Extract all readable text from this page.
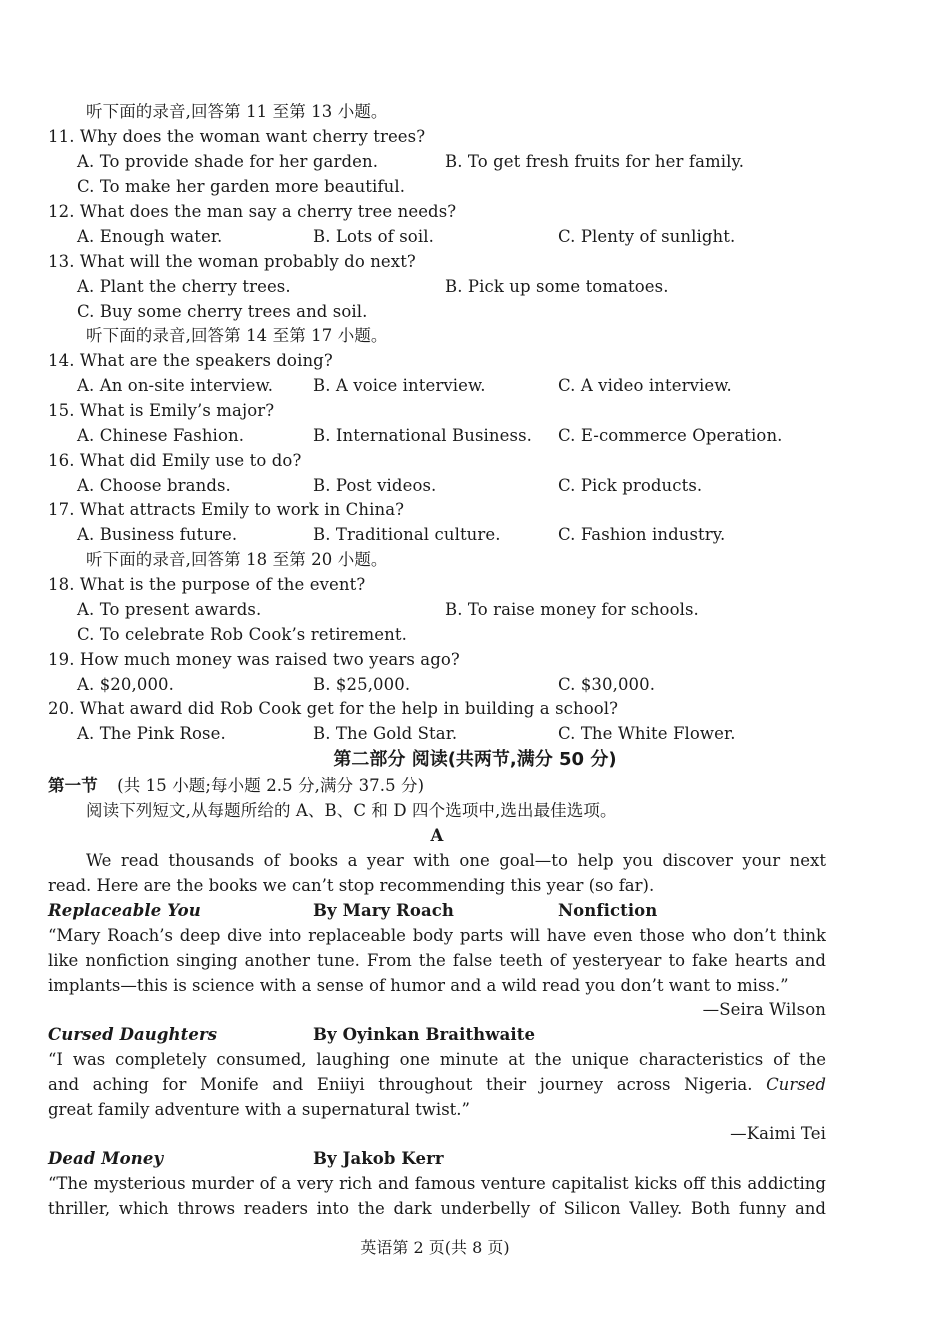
听下面的录音,回答第 11 至第 13 小题。
11. Why does the woman want cherry trees?
A. To provide shade for her garden.	B. To get fresh fruits for her family.
C. To make her garden more beautiful.
12. What does the man say a cherry tree needs?
A. Enough water.	B. Lots of soil.	C. Plenty of sunlight.
13. What will the woman probably do next?
A. Plant the cherry trees.	B. Pick up some tomatoes.
C. Buy some cherry trees and soil.
听下面的录音,回答第 14 至第 17 小题。
14. What are the speakers doing?
A. An on-site interview. B. A voice interview.	C. A video interview.
15. What is Emily’s major?
A. Chinese Fashion.	B. International Business. C. E-commerce Operation.
16. What did Emily use to do?
A. Choose brands.	B. Post videos.	C. Pick products.
17. What attracts Emily to work in China?
A. Business future.	B. Traditional culture.	C. Fashion industry.
听下面的录音,回答第 18 至第 20 小题。
18. What is the purpose of the event?
A. To present awards.	B. To raise money for schools.
C. To celebrate Rob Cook’s retirement.
19. How much money was raised two years ago?
A. $20,000.	B. $25,000.	C. $30,000.
20. What award did Rob Cook get for the help in building a school?
A. The Pink Rose.	B. The Gold Star.	C. The White Flower.
第二部分 阅读(共两节,满分 50 分)
第一节 (共 15 小题;每小题 2.5 分,满分 37.5 分)
阅读下列短文,从每题所给的 A、B、C 和 D 四个选项中,选出最佳选项。
A
We read thousands of books a year with one goal—to help you discover your next
read. Here are the books we can’t stop recommending this year (so far).
Replaceable You	By Mary Roach	Nonfiction
“Mary Roach’s deep dive into replaceable body parts will have even those who don’t think
like nonfiction singing another tune. From the false teeth of yesteryear to fake hearts and
implants—this is science with a sense of humor and a wild read you don’t want to miss.”
—Seira Wilson
Cursed Daughters	By Oyinkan Braithwaite
“I was completely consumed, laughing one minute at the unique characteristics of the
and aching for Monife and Eniiyi throughout their journey across Nigeria. Cursed
great family adventure with a supernatural twist.”
—Kaimi Tei
Dead Money	By Jakob Kerr
“The mysterious murder of a very rich and famous venture capitalist kicks off this addicting
thriller, which throws readers into the dark underbelly of Silicon Valley. Both funny and
英语第 2 页(共 8 页)
